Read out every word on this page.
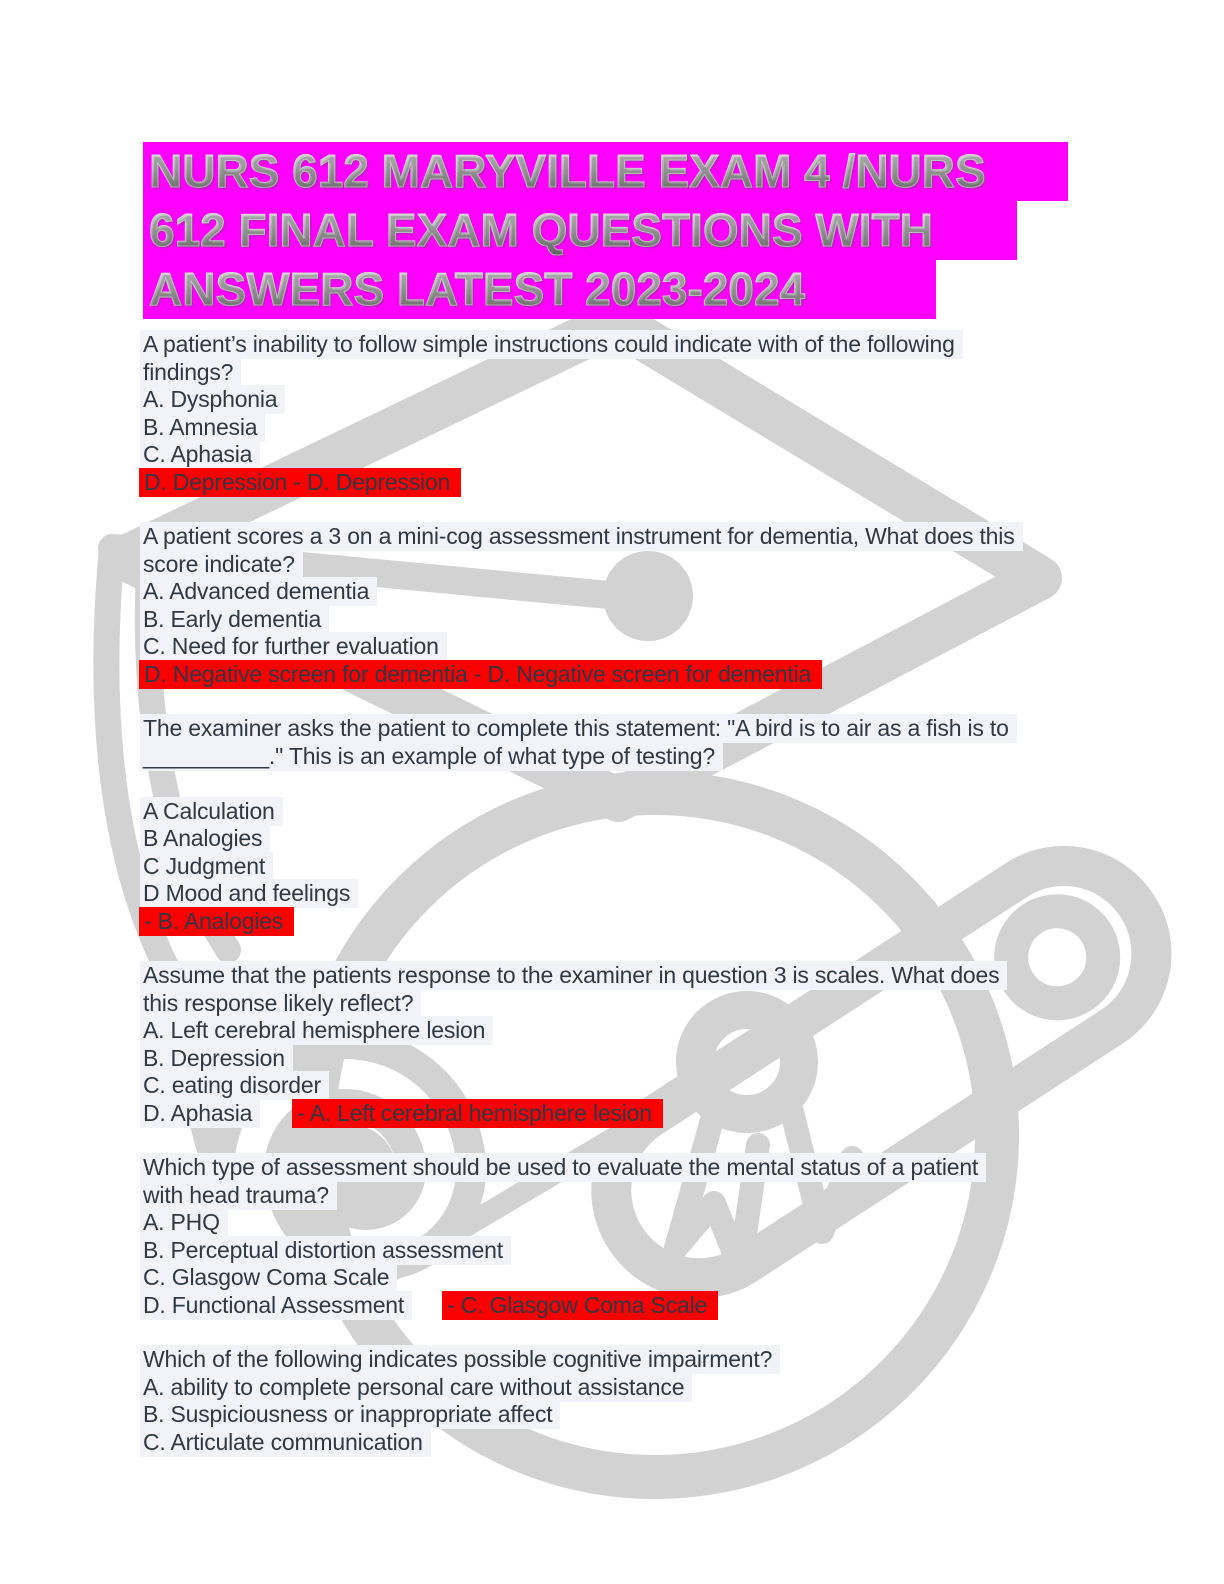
NURS 612 MARYVILLE EXAM 4 /NURS
612 FINAL EXAM QUESTIONS WITH
ANSWERS LATEST 2023-2024
A patient’s inability to follow simple instructions could indicate with of the following
findings?
A. Dysphonia
B. Amnesia
C. Aphasia
D. Depression - D. Depression
A patient scores a 3 on a mini-cog assessment instrument for dementia, What does this
score indicate?
A. Advanced dementia
B. Early dementia
C. Need for further evaluation
D. Negative screen for dementia - D. Negative screen for dementia
The examiner asks the patient to complete this statement: "A bird is to air as a fish is to
__________." This is an example of what type of testing?
A Calculation
B Analogies
C Judgment
D Mood and feelings
- B. Analogies
Assume that the patients response to the examiner in question 3 is scales. What does
this response likely reflect?
A. Left cerebral hemisphere lesion
B. Depression
C. eating disorder
D. Aphasia - A. Left cerebral hemisphere lesion
Which type of assessment should be used to evaluate the mental status of a patient
with head trauma?
A. PHQ
B. Perceptual distortion assessment
C. Glasgow Coma Scale
D. Functional Assessment - C. Glasgow Coma Scale
Which of the following indicates possible cognitive impairment?
A. ability to complete personal care without assistance
B. Suspiciousness or inappropriate affect
C. Articulate communication
